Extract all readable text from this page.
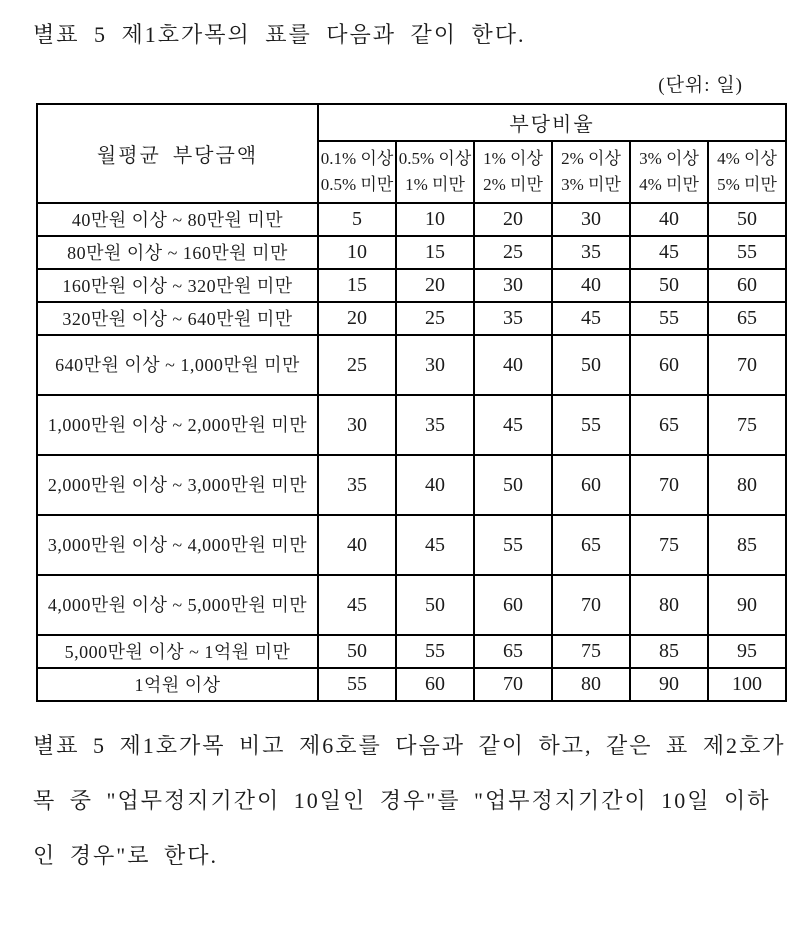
별표 5 제1호가목의 표를 다음과 같이 한다.

(단위: 일)

월평균 부당금액	부당비율					

0.1% 이상
0.5% 미만

0.5% 이상
1% 미만

1% 이상
2% 미만

2% 이상
3% 미만

3% 이상
4% 미만

4% 이상
5% 미만

40만원 이상 ~ 80만원 미만	5	10	20	30	40	50
80만원 이상 ~ 160만원 미만	10	15	25	35	45	55
160만원 이상 ~ 320만원 미만	15	20	30	40	50	60
320만원 이상 ~ 640만원 미만	20	25	35	45	55	65
640만원 이상 ~ 1,000만원 미만	25	30	40	50	60	70
1,000만원 이상 ~ 2,000만원 미만	30	35	45	55	65	75
2,000만원 이상 ~ 3,000만원 미만	35	40	50	60	70	80
3,000만원 이상 ~ 4,000만원 미만	40	45	55	65	75	85
4,000만원 이상 ~ 5,000만원 미만	45	50	60	70	80	90
5,000만원 이상 ~ 1억원 미만	50	55	65	75	85	95
1억원 이상	55	60	70	80	90	100

별표 5 제1호가목 비고 제6호를 다음과 같이 하고, 같은 표 제2호가

목 중 "업무정지기간이 10일인 경우"를 "업무정지기간이 10일 이하

인 경우"로 한다.
